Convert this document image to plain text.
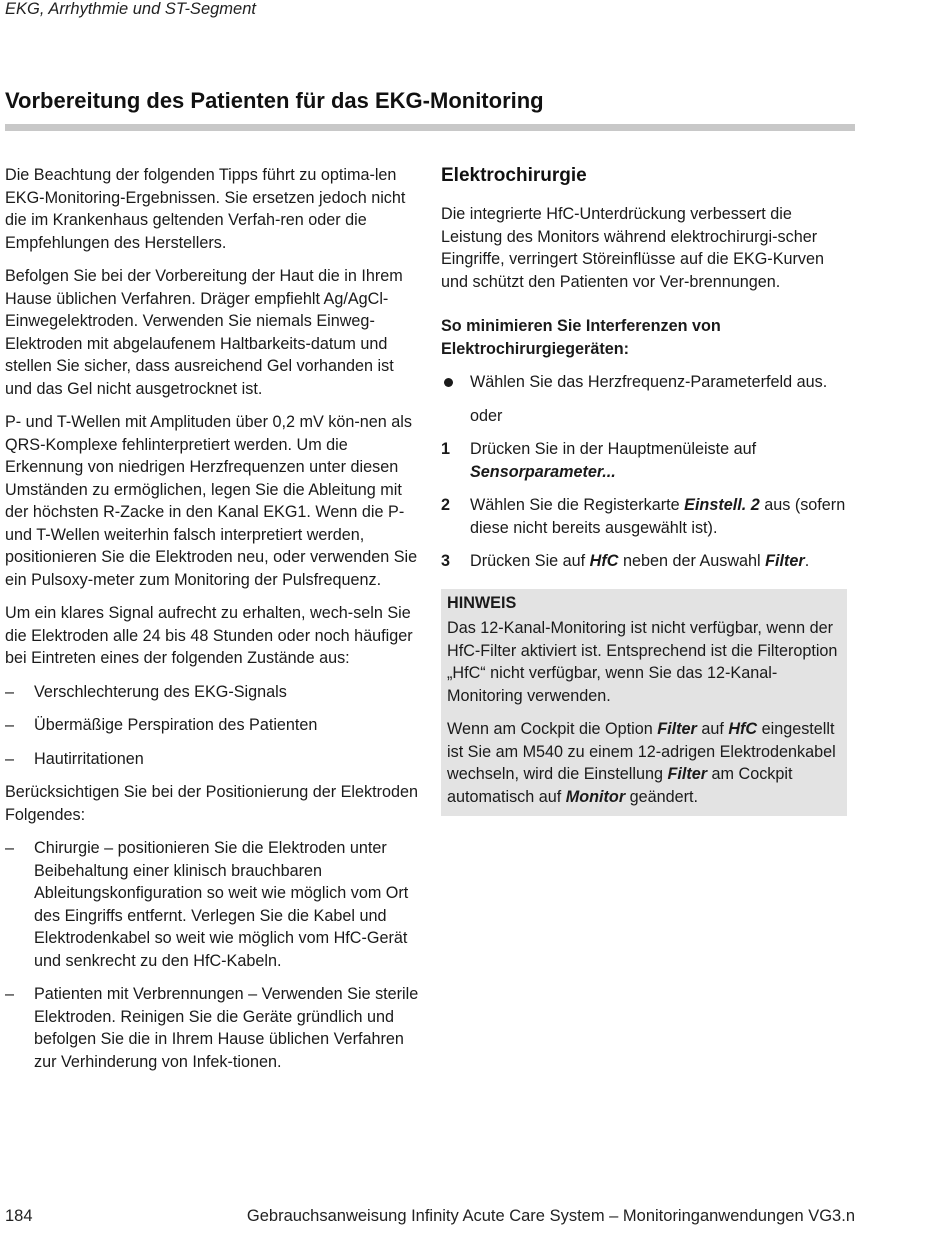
EKG, Arrhythmie und ST-Segment
Vorbereitung des Patienten für das EKG-Monitoring

Die Beachtung der folgenden Tipps führt zu optima-len EKG-Monitoring-Ergebnissen. Sie ersetzen jedoch nicht die im Krankenhaus geltenden Verfah-ren oder die Empfehlungen des Herstellers.

Befolgen Sie bei der Vorbereitung der Haut die in Ihrem Hause üblichen Verfahren. Dräger empfiehlt Ag/AgCl-Einwegelektroden. Verwenden Sie niemals Einweg-Elektroden mit abgelaufenem Haltbarkeits-datum und stellen Sie sicher, dass ausreichend Gel vorhanden ist und das Gel nicht ausgetrocknet ist.

P- und T-Wellen mit Amplituden über 0,2 mV kön-nen als QRS-Komplexe fehlinterpretiert werden. Um die Erkennung von niedrigen Herzfrequenzen unter diesen Umständen zu ermöglichen, legen Sie die Ableitung mit der höchsten R-Zacke in den Kanal EKG1. Wenn die P- und T-Wellen weiterhin falsch interpretiert werden, positionieren Sie die Elektroden neu, oder verwenden Sie ein Pulsoxy-meter zum Monitoring der Pulsfrequenz.

Um ein klares Signal aufrecht zu erhalten, wech-seln Sie die Elektroden alle 24 bis 48 Stunden oder noch häufiger bei Eintreten eines der folgenden Zustände aus:

– Verschlechterung des EKG-Signals
– Übermäßige Perspiration des Patienten
– Hautirritationen

Berücksichtigen Sie bei der Positionierung der Elektroden Folgendes:

– Chirurgie – positionieren Sie die Elektroden unter Beibehaltung einer klinisch brauchbaren Ableitungskonfiguration so weit wie möglich vom Ort des Eingriffs entfernt. Verlegen Sie die Kabel und Elektrodenkabel so weit wie möglich vom HfC-Gerät und senkrecht zu den HfC-Kabeln.
– Patienten mit Verbrennungen – Verwenden Sie sterile Elektroden. Reinigen Sie die Geräte gründlich und befolgen Sie die in Ihrem Hause üblichen Verfahren zur Verhinderung von Infek-tionen.
Elektrochirurgie

Die integrierte HfC-Unterdrückung verbessert die Leistung des Monitors während elektrochirurgi-scher Eingriffe, verringert Störeinflüsse auf die EKG-Kurven und schützt den Patienten vor Ver-brennungen.

So minimieren Sie Interferenzen von Elektrochirurgiegeräten:

Wählen Sie das Herzfrequenz-Parameterfeld aus.

oder

1 Drücken Sie in der Hauptmenüleiste auf Sensorparameter...
2 Wählen Sie die Registerkarte Einstell. 2 aus (sofern diese nicht bereits ausgewählt ist).
3 Drücken Sie auf HfC neben der Auswahl Filter.

HINWEIS

Das 12-Kanal-Monitoring ist nicht verfügbar, wenn der HfC-Filter aktiviert ist. Entsprechend ist die Filteroption „HfC“ nicht verfügbar, wenn Sie das 12-Kanal-Monitoring verwenden.

Wenn am Cockpit die Option Filter auf HfC eingestellt ist Sie am M540 zu einem 12-adrigen Elektrodenkabel wechseln, wird die Einstellung Filter am Cockpit automatisch auf Monitor geändert.

184	Gebrauchsanweisung Infinity Acute Care System – Monitoringanwendungen VG3.n
